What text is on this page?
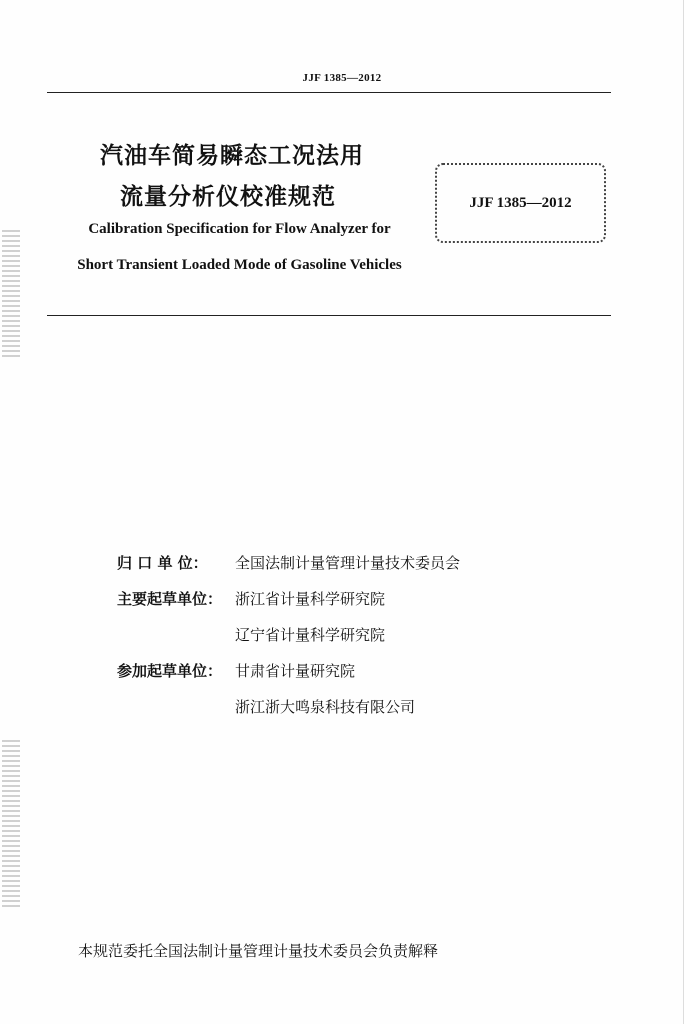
JJF 1385—2012
汽油车简易瞬态工况法用
流量分析仪校准规范
Calibration Specification for Flow Analyzer for
Short Transient Loaded Mode of Gasoline Vehicles
JJF 1385—2012
归 口 单 位：	全国法制计量管理计量技术委员会
主要起草单位： 浙江省计量科学研究院
辽宁省计量科学研究院
参加起草单位： 甘肃省计量研究院
浙江浙大鸣泉科技有限公司
本规范委托全国法制计量管理计量技术委员会负责解释
